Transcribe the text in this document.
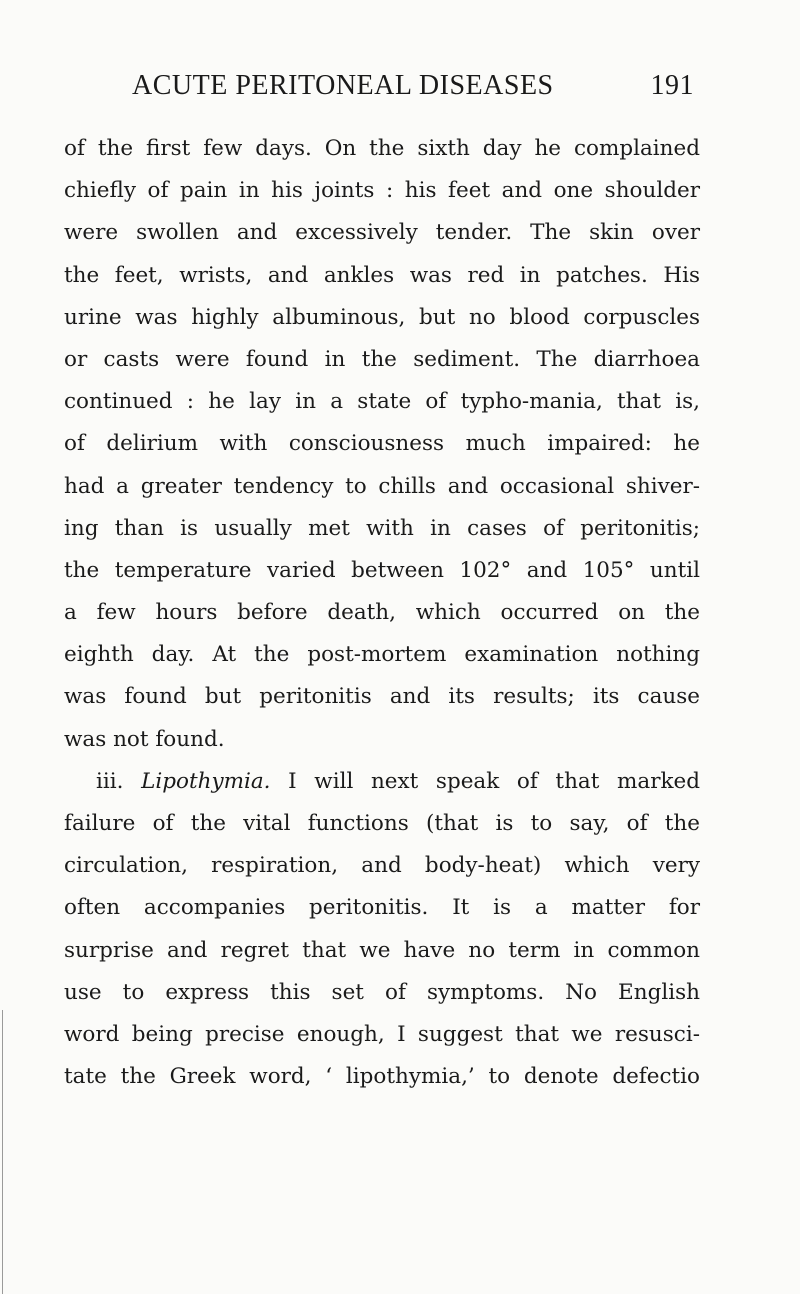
ACUTE PERITONEAL DISEASES	191
of the first few days. On the sixth day he complained
chiefly of pain in his joints : his feet and one shoulder
were swollen and excessively tender. The skin over
the feet, wrists, and ankles was red in patches. His
urine was highly albuminous, but no blood corpuscles
or casts were found in the sediment. The diarrhoea
continued : he lay in a state of typho-mania, that is,
of delirium with consciousness much impaired: he
had a greater tendency to chills and occasional shiver-
ing than is usually met with in cases of peritonitis;
the temperature varied between 102° and 105° until
a few hours before death, which occurred on the
eighth day. At the post-mortem examination nothing
was found but peritonitis and its results; its cause
was not found.
iii. Lipothymia. I will next speak of that marked
failure of the vital functions (that is to say, of the
circulation, respiration, and body-heat) which very
often accompanies peritonitis. It is a matter for
surprise and regret that we have no term in common
use to express this set of symptoms. No English
word being precise enough, I suggest that we resusci-
tate the Greek word, ‘ lipothymia,’ to denote defectio
